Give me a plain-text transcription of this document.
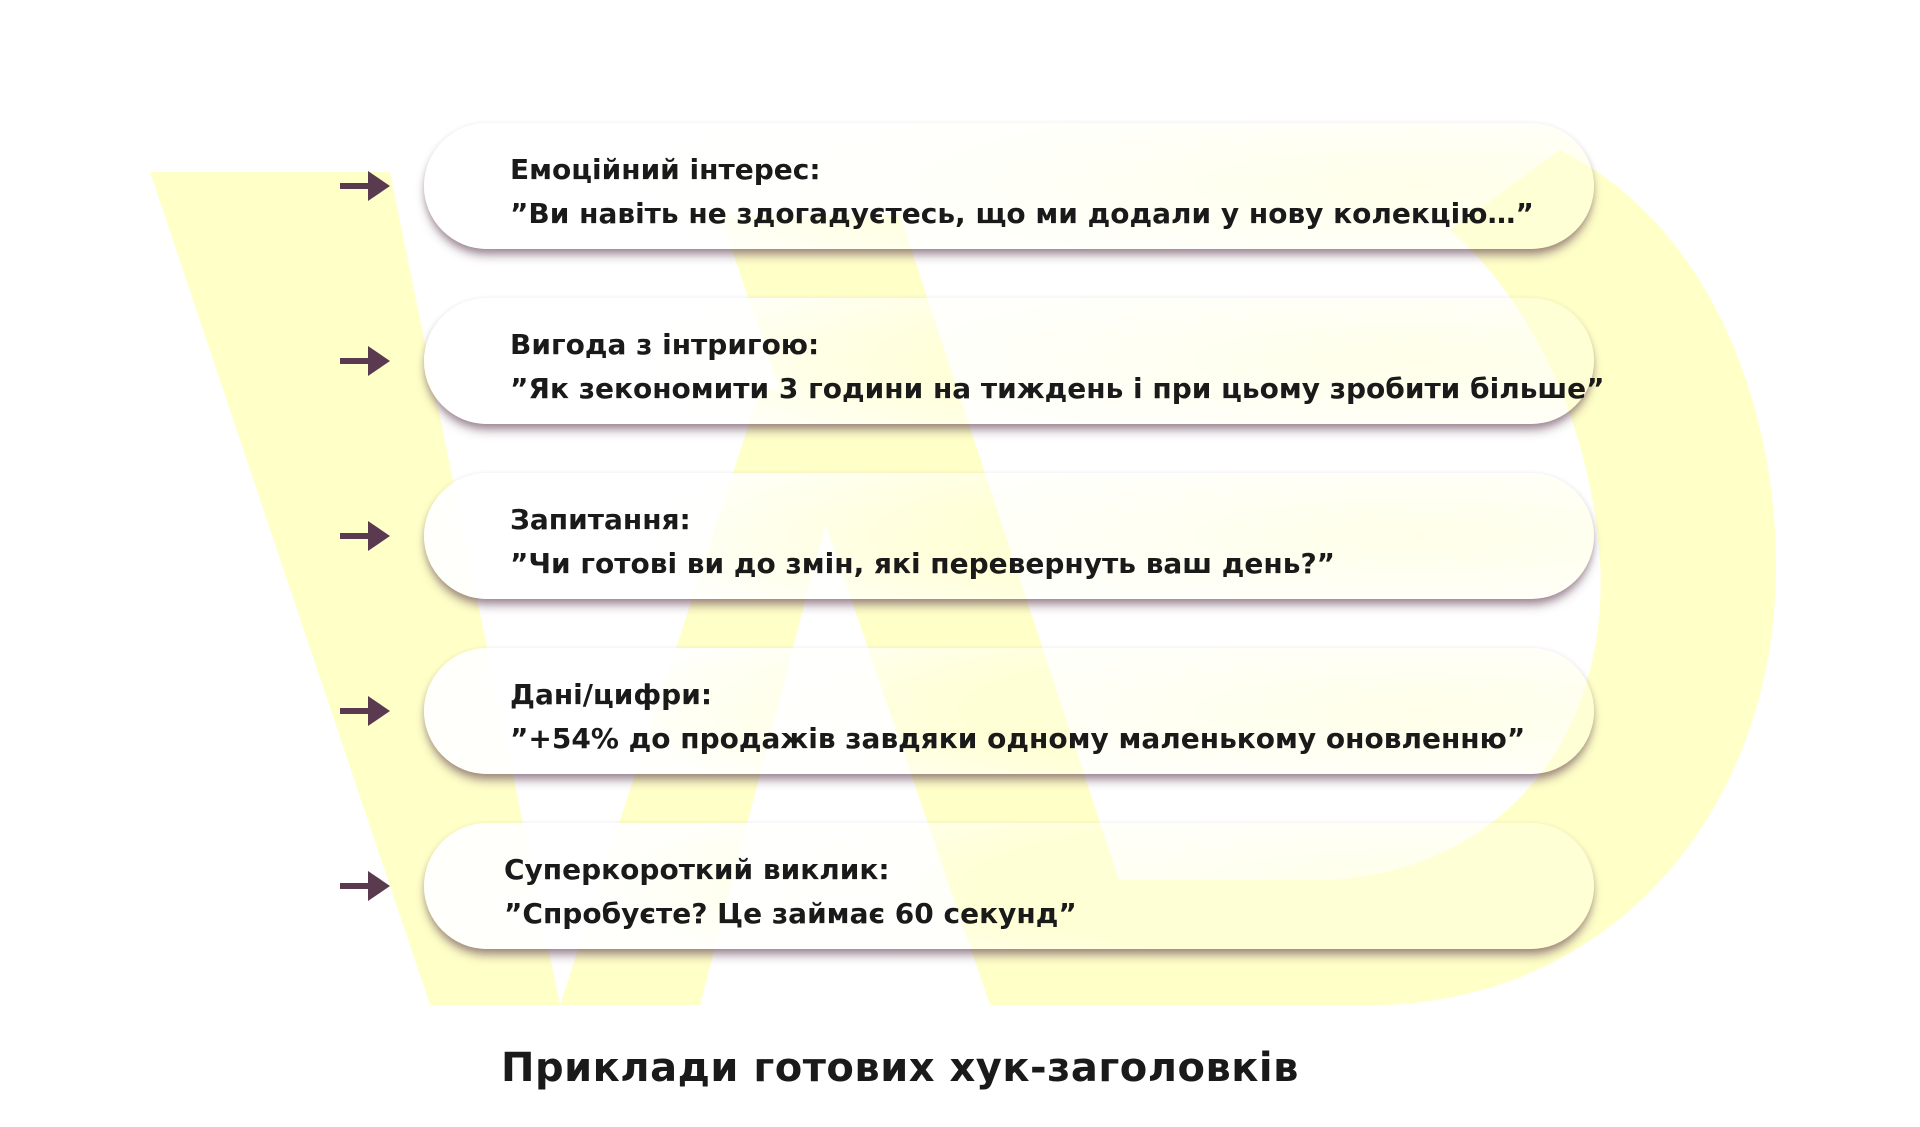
Емоційний інтерес:
”Ви навіть не здогадуєтесь, що ми додали у нову колекцію…”
Вигода з інтригою:
”Як зекономити 3 години на тиждень і при цьому зробити більше”
Запитання:
”Чи готові ви до змін, які перевернуть ваш день?”
Дані/цифри:
”+54% до продажів завдяки одному маленькому оновленню”
Суперкороткий виклик:
”Спробуєте? Це займає 60 секунд”
Приклади готових хук-заголовків
